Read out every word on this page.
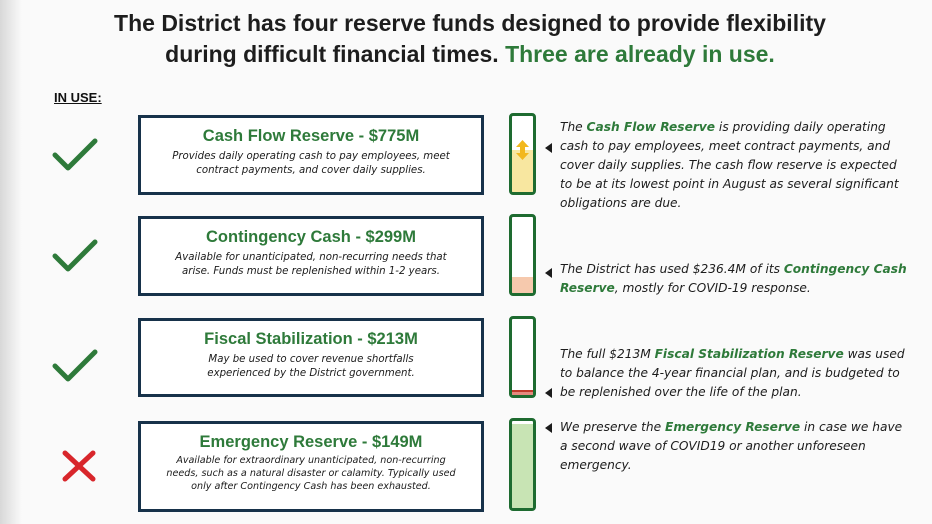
The District has four reserve funds designed to provide flexibility
during difficult financial times. Three are already in use.
IN USE:
Cash Flow Reserve - $775M
Provides daily operating cash to pay employees, meet
contract payments, and cover daily supplies.
The Cash Flow Reserve is providing daily operating cash to pay employees, meet contract payments, and cover daily supplies. The cash flow reserve is expected to be at its lowest point in August as several significant obligations are due.
Contingency Cash - $299M
Available for unanticipated, non-recurring needs that
arise. Funds must be replenished within 1-2 years.	The District has used $236.4M of its Contingency Cash Reserve, mostly for COVID-19 response.
Fiscal Stabilization - $213M
May be used to cover revenue shortfalls
experienced by the District government.
The full $213M Fiscal Stabilization Reserve was used to balance the 4-year financial plan, and is budgeted to be replenished over the life of the plan.
Emergency Reserve - $149M
Available for extraordinary unanticipated, non-recurring
needs, such as a natural disaster or calamity. Typically used
only after Contingency Cash has been exhausted.
We preserve the Emergency Reserve in case we have a second wave of COVID19 or another unforeseen emergency.
